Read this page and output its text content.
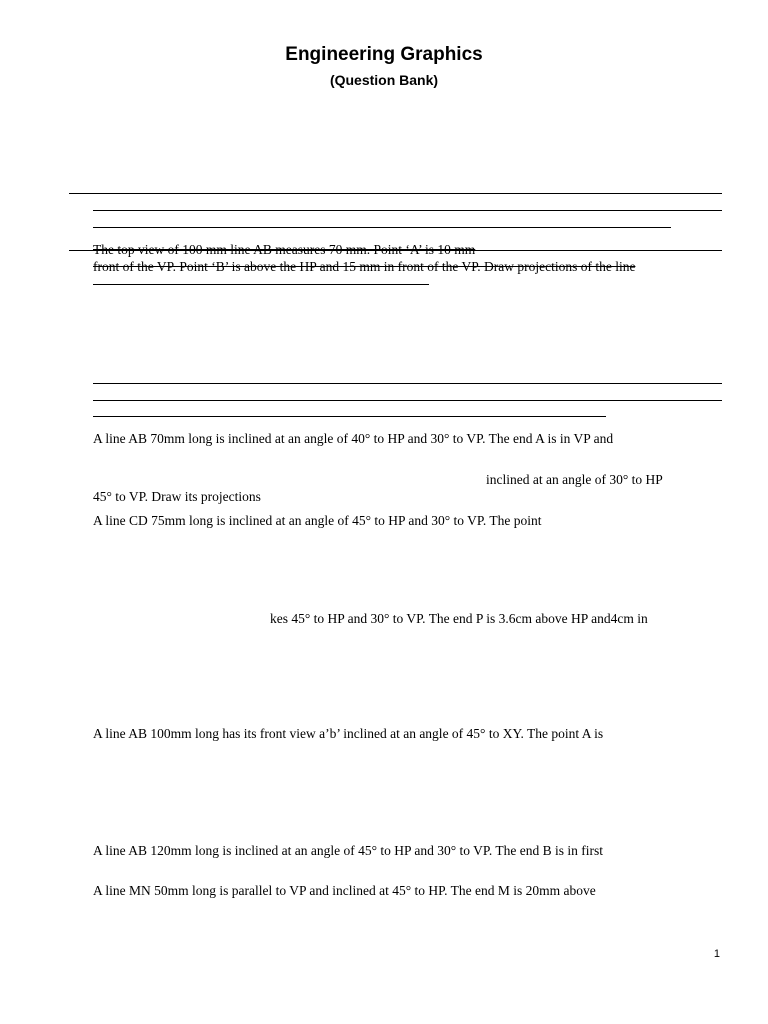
Engineering Graphics
(Question Bank)
The top view of 100 mm line AB measures 70 mm. Point ‘A’ is 10 mm
front of the VP. Point ‘B’ is above the HP and 15 mm in front of the VP. Draw projections of the line
A line AB 70mm long is inclined at an angle of 40° to HP and 30° to VP. The end A is in VP and
inclined at an angle of 30° to HP
45° to VP. Draw its projections
A line CD 75mm long is inclined at an angle of 45° to HP and 30° to VP. The point
kes 45° to HP and 30° to VP. The end P is 3.6cm above HP and4cm in
A line AB 100mm long has its front view a’b’ inclined at an angle of 45° to XY. The point A is
A line AB 120mm long is inclined at an angle of 45° to HP and 30° to VP. The end B is in first
A line MN 50mm long is parallel to VP and inclined at 45° to HP. The end M is 20mm above
1
